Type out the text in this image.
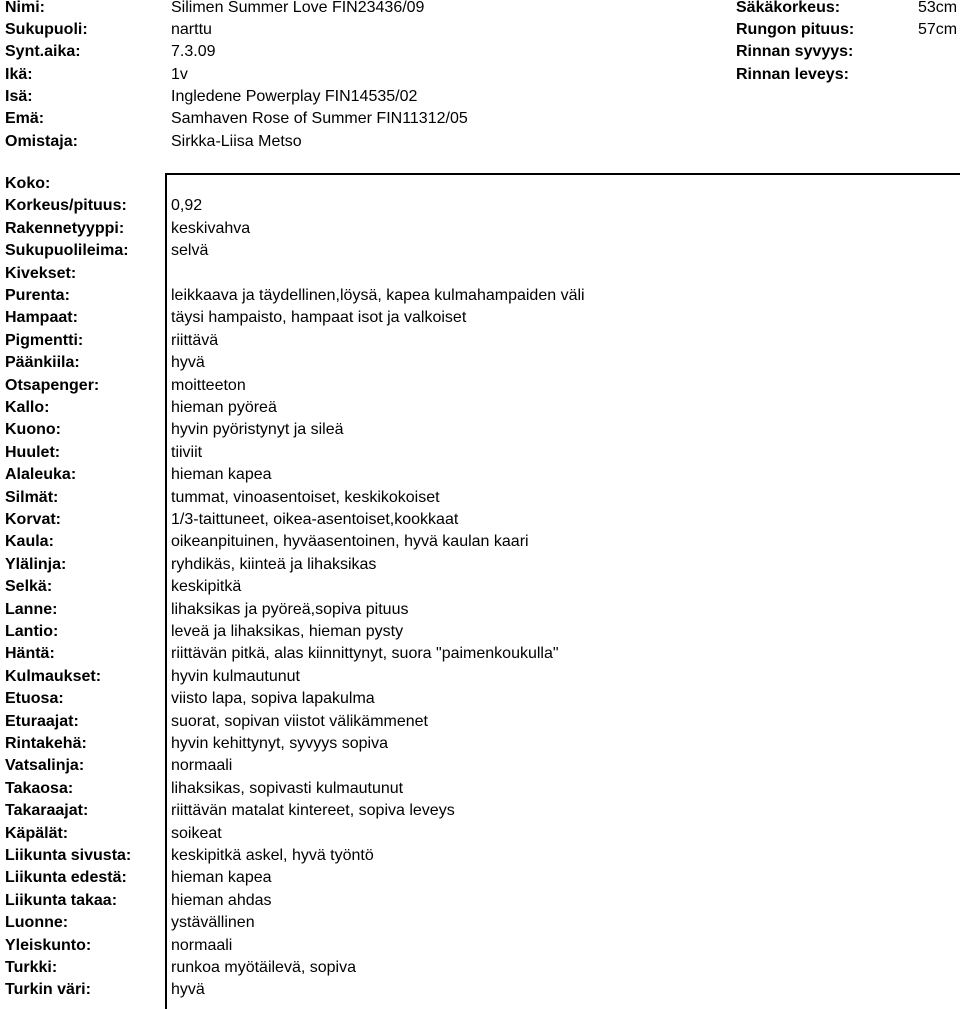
Nimi:	Silimen Summer Love FIN23436/09
Sukupuoli:	narttu
Synt.aika:	7.3.09
Ikä:	1v
Isä:	Ingledene Powerplay FIN14535/02
Emä:	Samhaven Rose of Summer FIN11312/05
Omistaja:	Sirkka-Liisa Metso
Säkäkorkeus:	53cm
Rungon pituus:	57cm
Rinnan syvyys:
Rinnan leveys:
Koko:
Korkeus/pituus:	0,92
Rakennetyyppi:	keskivahva
Sukupuolileima:	selvä
Kivekset:
Purenta:	leikkaava ja täydellinen,löysä, kapea kulmahampaiden väli
Hampaat:	täysi hampaisto, hampaat isot ja valkoiset
Pigmentti:	riittävä
Päänkiila:	hyvä
Otsapenger:	moitteeton
Kallo:	hieman pyöreä
Kuono:	hyvin pyöristynyt ja sileä
Huulet:	tiiviit
Alaleuka:	hieman kapea
Silmät:	tummat, vinoasentoiset, keskikokoiset
Korvat:	1/3-taittuneet, oikea-asentoiset,kookkaat
Kaula:	oikeanpituinen, hyväasentoinen, hyvä kaulan kaari
Ylälinja:	ryhdikäs, kiinteä ja lihaksikas
Selkä:	keskipitkä
Lanne:	lihaksikas ja pyöreä,sopiva pituus
Lantio:	leveä ja lihaksikas, hieman pysty
Häntä:	riittävän pitkä, alas kiinnittynyt, suora "paimenkoukulla"
Kulmaukset:	hyvin kulmautunut
Etuosa:	viisto lapa, sopiva lapakulma
Eturaajat:	suorat, sopivan viistot välikämmenet
Rintakehä:	hyvin kehittynyt, syvyys sopiva
Vatsalinja:	normaali
Takaosa:	lihaksikas, sopivasti kulmautunut
Takaraajat:	riittävän matalat kintereet, sopiva leveys
Käpälät:	soikeat
Liikunta sivusta: keskipitkä askel, hyvä työntö
Liikunta edestä:	hieman kapea
Liikunta takaa:	hieman ahdas
Luonne:	ystävällinen
Yleiskunto:	normaali
Turkki:	runkoa myötäilevä, sopiva
Turkin väri:	hyvä
